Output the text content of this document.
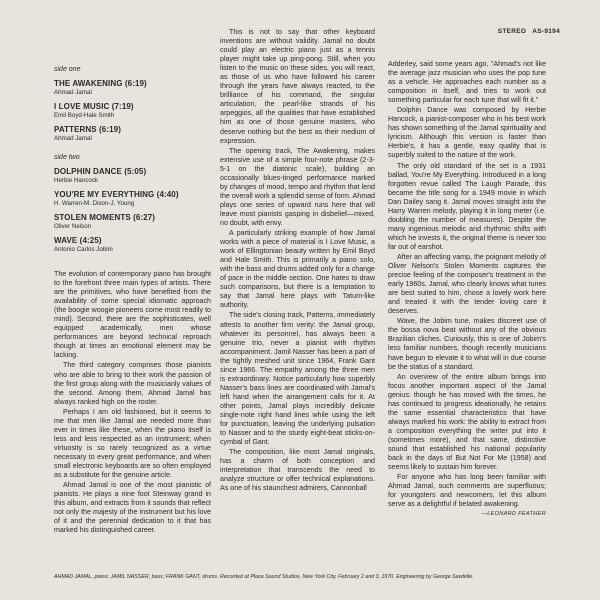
STEREO AS-9194
side one
THE AWAKENING (6:19)
Ahmad Jamal
I LOVE MUSIC (7:19)
Emil Boyd-Hale Smith
PATTERNS (6:19)
Ahmad Jamal
side two
DOLPHIN DANCE (5:05)
Herbie Hancock
YOU'RE MY EVERYTHING (4:40)
H. Warren-M. Dixon-J. Young
STOLEN MOMENTS (6:27)
Oliver Nelson
WAVE (4:25)
Antonio Carlos Jobim

The evolution of contemporary piano has brought to the forefront three main types of artists. There are the primitives, who have benefited from the availability of some special idiomatic approach (the boogie woogie pioneers come most readily to mind). Second, there are the sophisticates, well equipped academically, men whose performances are beyond technical reproach though at times an emotional element may be lacking.

The third category comprises those pianists who are able to bring to their work the passion of the first group along with the musicianly values of the second. Among them, Ahmad Jamal has always ranked high on the roster.

Perhaps I am old fashioned, but it seems to me that men like Jamal are needed more than ever in times like these, when the piano itself is less and less respected as an instrument; when virtuosity is so rarely recognized as a virtue necessary to every great performance, and when small electronic keyboards are so often employed as a substitute for the genuine article.

Ahmad Jamal is one of the most pianistic of pianists. He plays a nine foot Steinway grand in this album, and extracts from it sounds that reflect not only the majesty of the instrument but his love of it and the perennial dedication to it that has marked his distinguished career.

This is not to say that other keyboard inventions are without validity. Jamal no doubt could play an electric piano just as a tennis player might take up ping-pong. Still, when you listen to the music on these sides, you will react, as those of us who have followed his career through the years have always reacted, to the brilliance of his command, the singular articulation, the pearl-like strands of his arpeggios, all the qualities that have established him as one of those genuine masters, who deserve nothing but the best as their medium of expression.

The opening track, The Awakening, makes extensive use of a simple four-note phrase (2-3-5-1 on the diatonic scale), building an occasionally blues-tinged performance marked by changes of mood, tempo and rhythm that lend the overall work a splendid sense of form. Ahmad plays one series of upward runs here that will leave most pianists gasping in disbelief—mixed, no doubt, with envy.

A particularly striking example of how Jamal works with a piece of material is I Love Music, a work of Ellingtonian beauty written by Emil Boyd and Hale Smith. This is primarily a piano solo, with the bass and drums added only for a change of pace in the middle section. One hates to draw such comparisons, but there is a temptation to say that Jamal here plays with Tatum-like authority.

The side's closing track, Patterns, immediately attests to another firm verity: the Jamal group, whatever its personnel, has always been a genuine trio, never a pianist with rhythm accompaniment. Jamil Nasser has been a part of the tightly meshed unit since 1964, Frank Gant since 1966. The empathy among the three men is extraordinary. Notice particularly how superbly Nasser's bass lines are coordinated with Jamal's left hand when the arrangement calls for it. At other points, Jamal plays incredibly delicate single-note right hand lines while using the left for punctuation, leaving the underlying pulsation to Nasser and to the sturdy eight-beat sticks-on-cymbal of Gant.

The composition, like most Jamal originals, has a charm of both conception and interpretation that transcends the need to analyze structure or offer technical explanations. As one of his staunchest admirers, Cannonball

Adderley, said some years ago, "Ahmad's not like the average jazz musician who uses the pop tune as a vehicle. He approaches each number as a composition in itself, and tries to work out something particular for each tune that will fit it."

Dolphin Dance was composed by Herbie Hancock, a pianist-composer who in his best work has shown something of the Jamal spirituality and lyricism. Although this version is faster than Herbie's, it has a gentle, easy quality that is superbly suited to the nature of the work.

The only old standard of the set is a 1931 ballad, You're My Everything. Introduced in a long forgotten revue called The Laugh Parade, this became the title song for a 1949 movie in which Dan Dailey sang it. Jamal moves straight into the Harry Warren melody, playing it in long meter (i.e. doubling the number of measures). Despite the many ingenious melodic and rhythmic shifts with which he invests it, the original theme is never too far out of earshot.

After an affecting vamp, the poignant melody of Oliver Nelson's Stolen Moments captures the precise feeling of the composer's treatment in the early 1960s. Jamal, who clearly knows what tunes are best suited to him, chose a lovely work here and treated it with the tender loving care it deserves.

Wave, the Jobim tune, makes discreet use of the bossa nova beat without any of the obvious Brazilian cliches. Curiously, this is one of Jobim's less familiar numbers, though recently musicians have begun to elevate it to what will in due course be the status of a standard.

An overview of the entire album brings into focus another important aspect of the Jamal genius: though he has moved with the times, he has continued to progress ideationally, he retains the same essential characteristics that have always marked his work: the ability to extract from a composition everything the writer put into it (sometimes more), and that same, distinctive sound that established his national popularity back in the days of But Not For Me (1958) and seems likely to sustain him forever.

For anyone who has long been familiar with Ahmad Jamal, such comments are superfluous; for youngsters and newcomers, let this album serve as a delightful if belated awakening.

—LEONARD FEATHER
AHMAD JAMAL, piano; JAMIL NASSER, bass; FRANK GANT, drums. Recorded at Plaza Sound Studios, New York City, February 2 and 3, 1970. Engineering by George Sawtelle.
